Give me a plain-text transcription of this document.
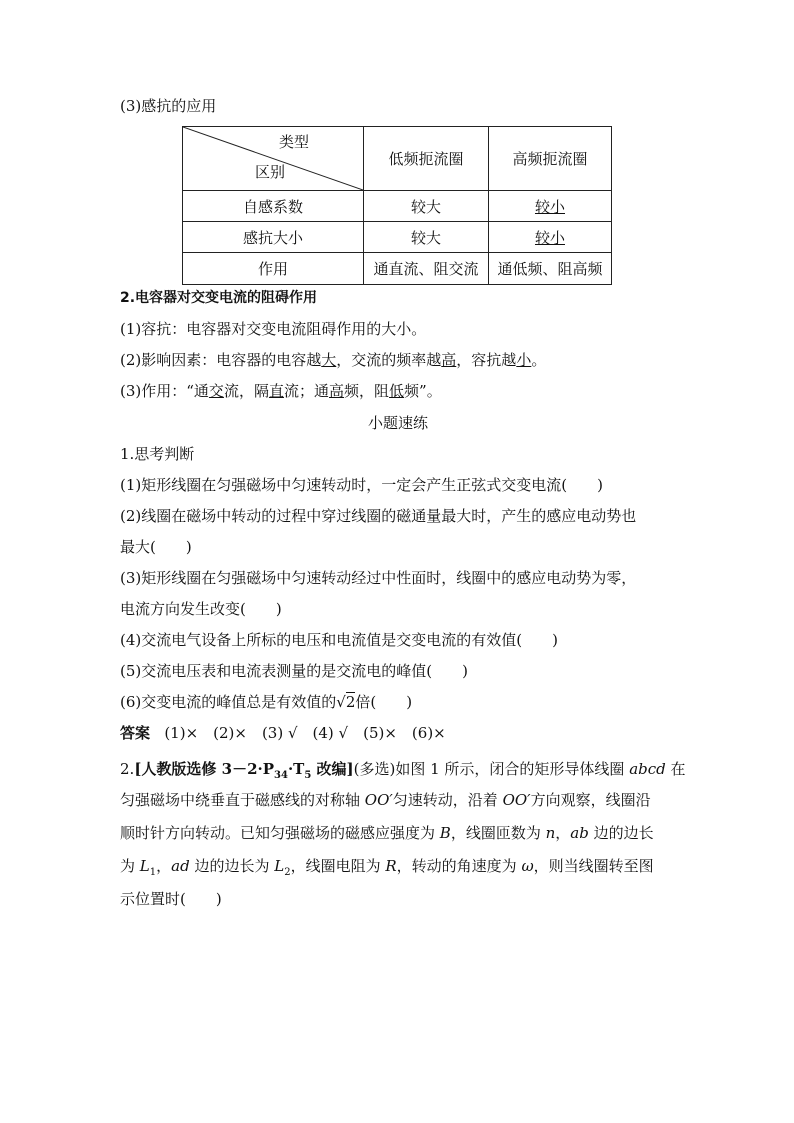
(3)感抗的应用
类型
区别	低频扼流圈	高频扼流圈
自感系数	较大	较小
感抗大小	较大	较小
作用	通直流、阻交流	通低频、阻高频
2.电容器对交变电流的阻碍作用
(1)容抗：电容器对交变电流阻碍作用的大小。
(2)影响因素：电容器的电容越大，交流的频率越高，容抗越小。
(3)作用：“通交流，隔直流；通高频，阻低频”。
小题速练
1.思考判断
(1)矩形线圈在匀强磁场中匀速转动时，一定会产生正弦式交变电流(　　)
(2)线圈在磁场中转动的过程中穿过线圈的磁通量最大时，产生的感应电动势也
最大(　　)
(3)矩形线圈在匀强磁场中匀速转动经过中性面时，线圈中的感应电动势为零，
电流方向发生改变(　　)
(4)交流电气设备上所标的电压和电流值是交变电流的有效值(　　)
(5)交流电压表和电流表测量的是交流电的峰值(　　)
(6)交变电流的峰值总是有效值的√2倍(　　)
答案 (1)×　(2)×　(3) √　(4) √　(5)×　(6)×
2.[人教版选修 $3-2\cdot P_{34}\cdot T_5$ 改编](多选)如图 1 所示，闭合的矩形导体线圈 abcd 在
匀强磁场中绕垂直于磁感线的对称轴 OO′匀速转动，沿着 OO′方向观察，线圈沿
顺时针方向转动。已知匀强磁场的磁感应强度为 B，线圈匝数为 n，ab 边的边长
为 $L_1$，ad 边的边长为 $L_2$，线圈电阻为 R，转动的角速度为 ω，则当线圈转至图
示位置时(　　)
